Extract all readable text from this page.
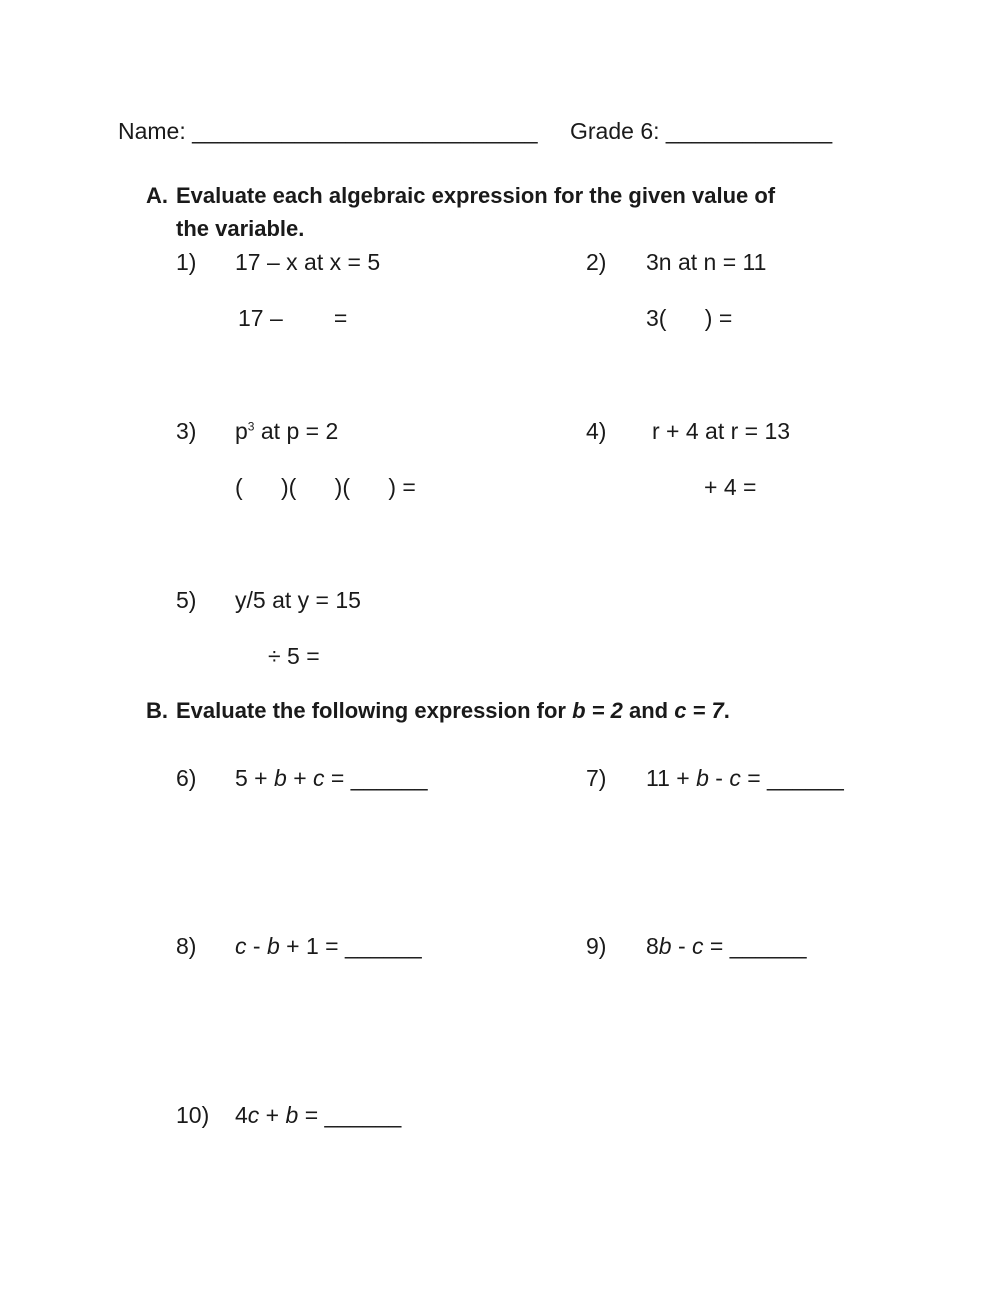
Name: ___________________________ Grade 6: _____________
A. Evaluate each algebraic expression for the given value of
the variable.
1) 17 – x at x = 5
17 –        =
2) 3n at n = 11
3(      ) =
3) $p^3$ at p = 2
(      )(      )(      ) =
4) r + 4 at r = 13
+ 4 =
5) y/5 at y = 15
÷ 5 =
B. Evaluate the following expression for b = 2 and c = 7.
6) 5 + b + c = ______	7) 11 + b - c = ______
8) c - b + 1 = ______	9) 8b - c = ______
10) 4c + b = ______
